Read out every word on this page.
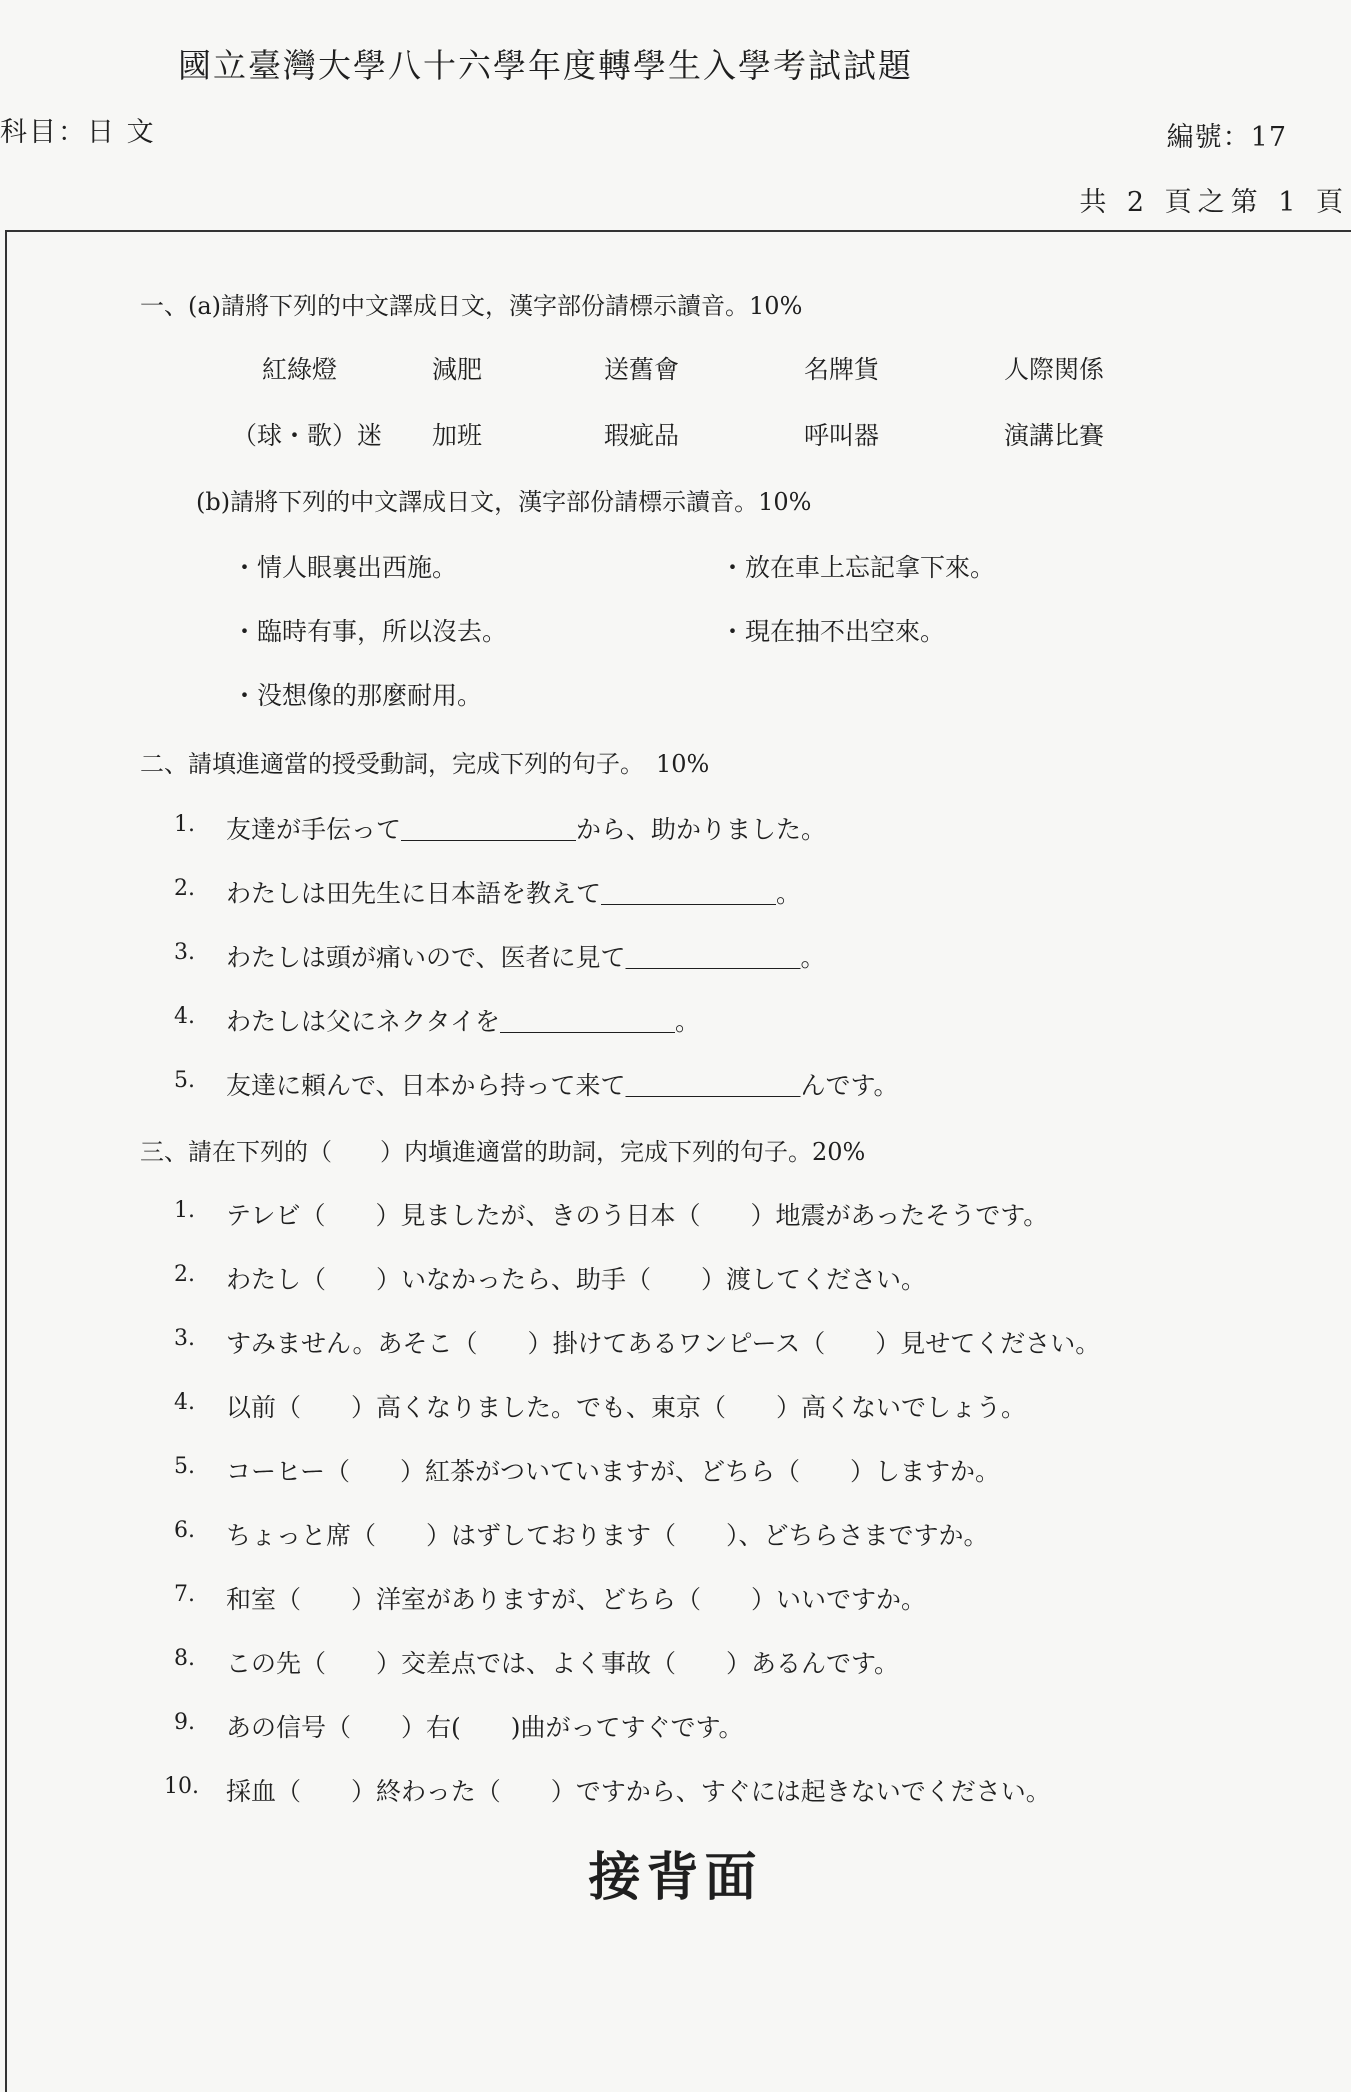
國立臺灣大學八十六學年度轉學生入學考試試題
科目：日 文	編號：17
共 2 頁之第 1 頁
一、(a)請將下列的中文譯成日文，漢字部份請標示讀音。10%
紅綠燈	減肥	送舊會	名牌貨	人際関係
（球・歌）迷 加班	瑕疵品	呼叫器	演講比賽
(b)請將下列的中文譯成日文，漢字部份請標示讀音。10%
・情人眼裏出西施。	・放在車上忘記拿下來。
・臨時有事，所以沒去。	・現在抽不出空來。
・没想像的那麼耐用。
二、請填進適當的授受動詞，完成下列的句子。　10%
1. 友達が手伝って＿＿＿＿＿＿＿から、助かりました。
2. わたしは田先生に日本語を教えて＿＿＿＿＿＿＿。
3. わたしは頭が痛いので、医者に見て＿＿＿＿＿＿＿。
4. わたしは父にネクタイを＿＿＿＿＿＿＿。
5. 友達に頼んで、日本から持って来て＿＿＿＿＿＿＿んです。
三、請在下列的（　　）内塡進適當的助詞，完成下列的句子。20%
1. テレビ（　　）見ましたが、きのう日本（　　）地震があったそうです。
2. わたし（　　）いなかったら、助手（　　）渡してください。
3. すみません。あそこ（　　）掛けてあるワンピース（　　）見せてください。
4. 以前（　　）高くなりました。でも、東京（　　）高くないでしょう。
5. コーヒー（　　）紅茶がついていますが、どちら（　　）しますか。
6. ちょっと席（　　）はずしております（　　）、どちらさまですか。
7. 和室（　　）洋室がありますが、どちら（　　）いいですか。
8. この先（　　）交差点では、よく事故（　　）あるんです。
9. あの信号（　　）右(　　)曲がってすぐです。
10. 採血（　　）終わった（　　）ですから、すぐには起きないでください。
接背面
